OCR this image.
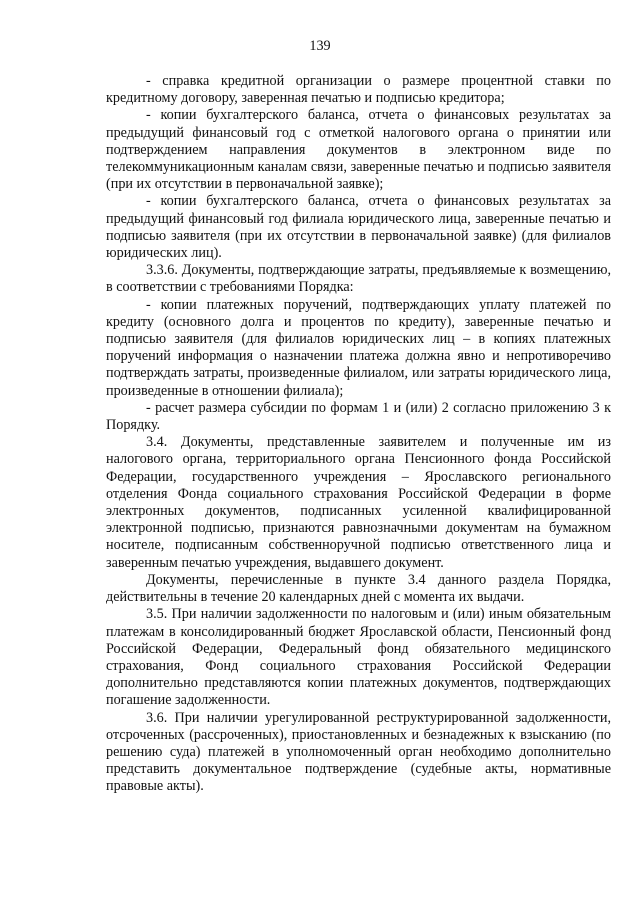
139

- справка кредитной организации о размере процентной ставки по кредитному договору, заверенная печатью и подписью кредитора;

- копии бухгалтерского баланса, отчета о финансовых результатах за предыдущий финансовый год с отметкой налогового органа о принятии или подтверждением направления документов в электронном виде по телекоммуникационным каналам связи, заверенные печатью и подписью заявителя (при их отсутствии в первоначальной заявке);

- копии бухгалтерского баланса, отчета о финансовых результатах за предыдущий финансовый год филиала юридического лица, заверенные печатью и подписью заявителя (при их отсутствии в первоначальной заявке) (для филиалов юридических лиц).

3.3.6. Документы, подтверждающие затраты, предъявляемые к возмещению, в соответствии с требованиями Порядка:

- копии платежных поручений, подтверждающих уплату платежей по кредиту (основного долга и процентов по кредиту), заверенные печатью и подписью заявителя (для филиалов юридических лиц – в копиях платежных поручений информация о назначении платежа должна явно и непротиворечиво подтверждать затраты, произведенные филиалом, или затраты юридического лица, произведенные в отношении филиала);

- расчет размера субсидии по формам 1 и (или) 2 согласно приложению 3 к Порядку.

3.4. Документы, представленные заявителем и полученные им из налогового органа, территориального органа Пенсионного фонда Российской Федерации, государственного учреждения – Ярославского регионального отделения Фонда социального страхования Российской Федерации в форме электронных документов, подписанных усиленной квалифицированной электронной подписью, признаются равнозначными документам на бумажном носителе, подписанным собственноручной подписью ответственного лица и заверенным печатью учреждения, выдавшего документ.

Документы, перечисленные в пункте 3.4 данного раздела Порядка, действительны в течение 20 календарных дней с момента их выдачи.

3.5. При наличии задолженности по налоговым и (или) иным обязательным платежам в консолидированный бюджет Ярославской области, Пенсионный фонд Российской Федерации, Федеральный фонд обязательного медицинского страхования, Фонд социального страхования Российской Федерации дополнительно представляются копии платежных документов, подтверждающих погашение задолженности.

3.6. При наличии урегулированной реструктурированной задолженности, отсроченных (рассроченных), приостановленных и безнадежных к взысканию (по решению суда) платежей в уполномоченный орган необходимо дополнительно представить документальное подтверждение (судебные акты, нормативные правовые акты).
